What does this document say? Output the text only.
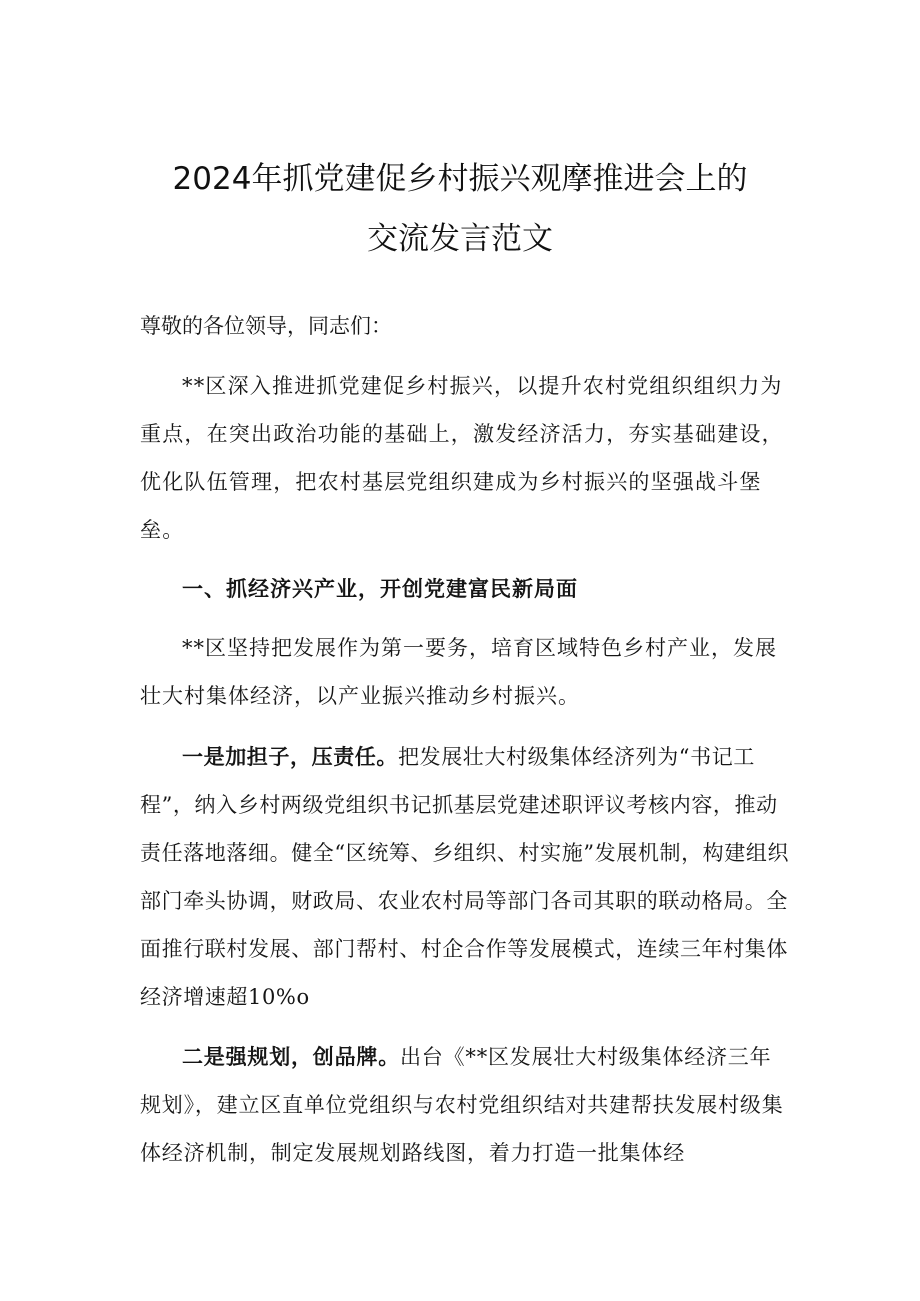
2024年抓党建促乡村振兴观摩推进会上的
交流发言范文
尊敬的各位领导，同志们：
**区深入推进抓党建促乡村振兴，以提升农村党组织组织力为重点，在突出政治功能的基础上，激发经济活力，夯实基础建设，优化队伍管理，把农村基层党组织建成为乡村振兴的坚强战斗堡垒。
一、抓经济兴产业，开创党建富民新局面
**区坚持把发展作为第一要务，培育区域特色乡村产业，发展壮大村集体经济，以产业振兴推动乡村振兴。
一是加担子，压责任。把发展壮大村级集体经济列为“书记工程”，纳入乡村两级党组织书记抓基层党建述职评议考核内容，推动责任落地落细。健全“区统筹、乡组织、村实施”发展机制，构建组织部门牵头协调，财政局、农业农村局等部门各司其职的联动格局。全面推行联村发展、部门帮村、村企合作等发展模式，连续三年村集体经济增速超10%o
二是强规划，创品牌。出台《**区发展壮大村级集体经济三年规划》，建立区直单位党组织与农村党组织结对共建帮扶发展村级集体经济机制，制定发展规划路线图，着力打造一批集体经
